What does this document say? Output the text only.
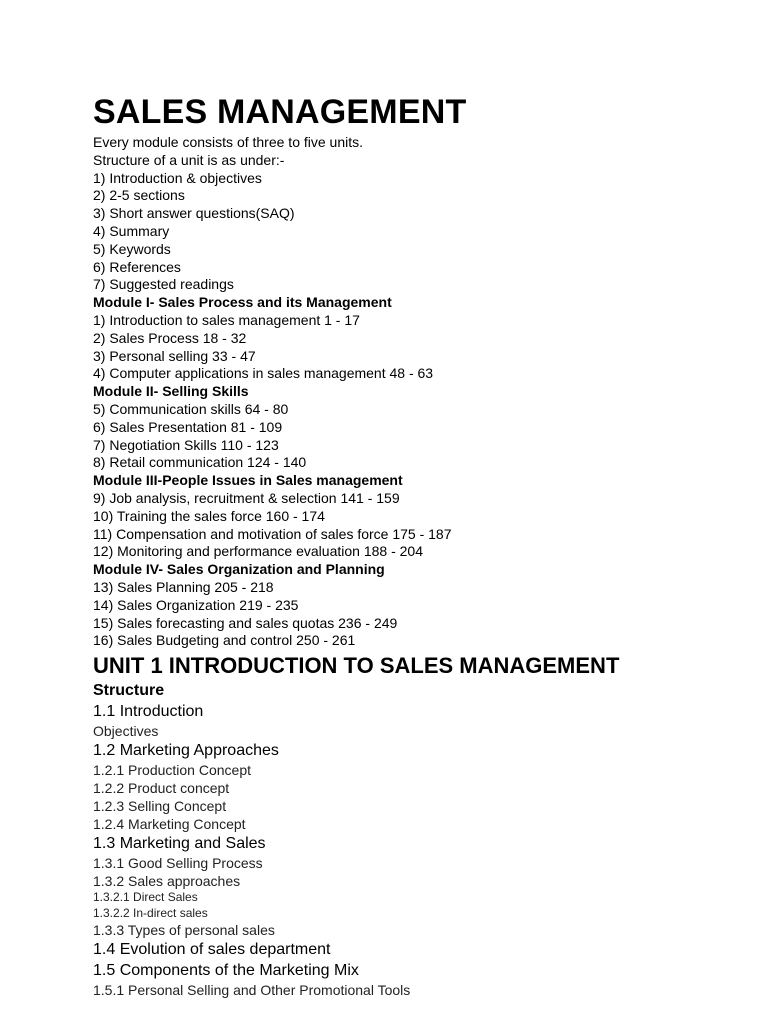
SALES MANAGEMENT

Every module consists of three to five units.

Structure of a unit is as under:-

1) Introduction & objectives

2) 2-5 sections

3) Short answer questions(SAQ)

4) Summary

5) Keywords

6) References

7) Suggested readings

Module I- Sales Process and its Management

1) Introduction to sales management 1 - 17

2) Sales Process 18 - 32

3) Personal selling 33 - 47

4) Computer applications in sales management 48 - 63

Module II- Selling Skills

5) Communication skills 64 - 80

6) Sales Presentation 81 - 109

7) Negotiation Skills 110 - 123

8) Retail communication 124 - 140

Module III-People Issues in Sales management

9) Job analysis, recruitment & selection 141 - 159

10) Training the sales force 160 - 174

11) Compensation and motivation of sales force 175 - 187

12) Monitoring and performance evaluation 188 - 204

Module IV- Sales Organization and Planning

13) Sales Planning 205 - 218

14) Sales Organization 219 - 235

15) Sales forecasting and sales quotas 236 - 249

16) Sales Budgeting and control 250 - 261

UNIT 1 INTRODUCTION TO SALES MANAGEMENT

Structure

1.1 Introduction

Objectives

1.2 Marketing Approaches

1.2.1 Production Concept

1.2.2 Product concept

1.2.3 Selling Concept

1.2.4 Marketing Concept

1.3 Marketing and Sales

1.3.1 Good Selling Process

1.3.2 Sales approaches

1.3.2.1 Direct Sales

1.3.2.2 In-direct sales

1.3.3 Types of personal sales

1.4 Evolution of sales department

1.5 Components of the Marketing Mix

1.5.1 Personal Selling and Other Promotional Tools
